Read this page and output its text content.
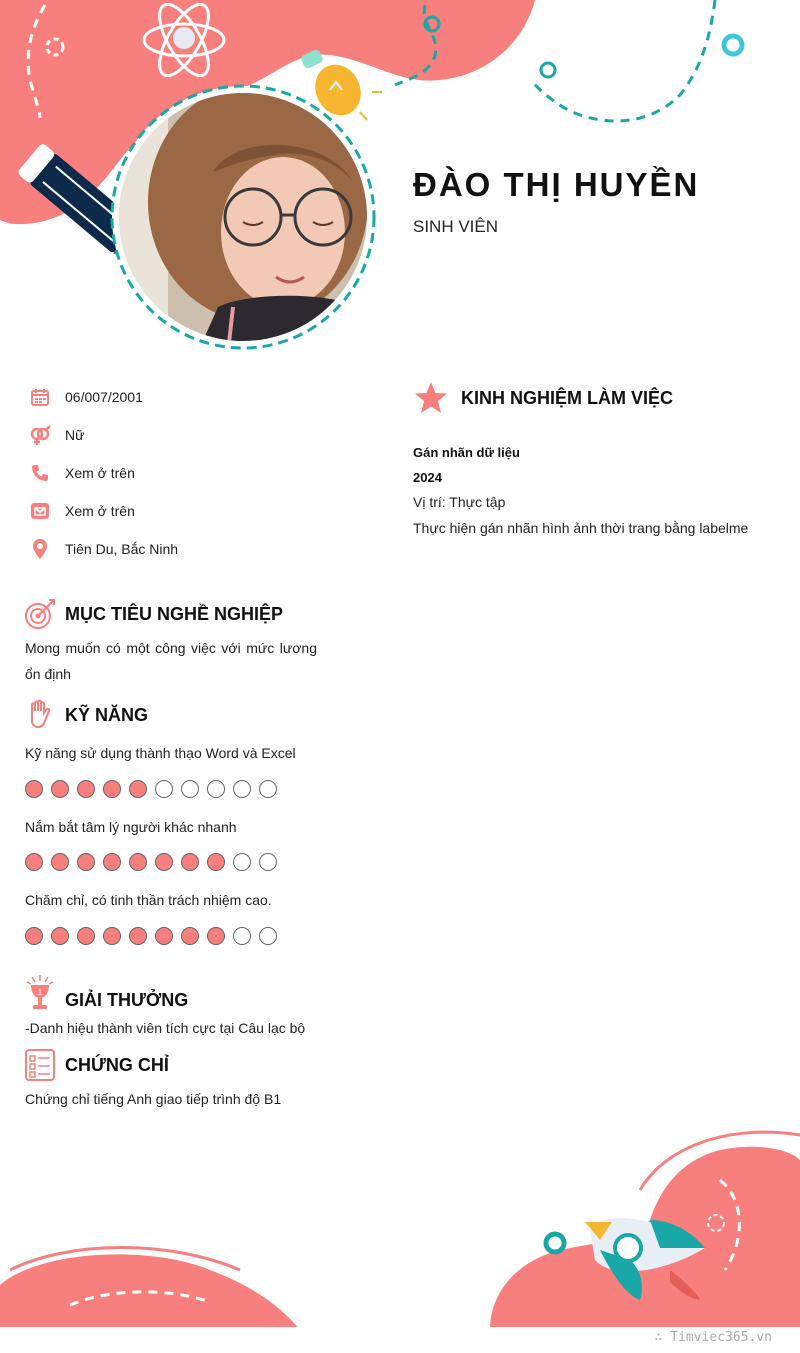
ĐÀO THỊ HUYỀN
SINH VIÊN
06/007/2001
Nữ
Xem ở trên
Xem ở trên
Tiên Du, Bắc Ninh
MỤC TIÊU NGHỀ NGHIỆP
Mong muốn có một công việc với mức lương
ổn định
KỸ NĂNG
Kỹ năng sử dụng thành thạo Word và Excel
Nắm bắt tâm lý người khác nhanh
Chăm chỉ, có tinh thần trách nhiệm cao.
1 GIẢI THƯỞNG
-Danh hiệu thành viên tích cực tại Câu lạc bộ
CHỨNG CHỈ
Chứng chỉ tiếng Anh giao tiếp trình độ B1
KINH NGHIỆM LÀM VIỆC
Gán nhãn dữ liệu
2024
Vị trí: Thực tập
Thực hiện gán nhãn hình ảnh thời trang bằng labelme
∴ Timviec365.vn
